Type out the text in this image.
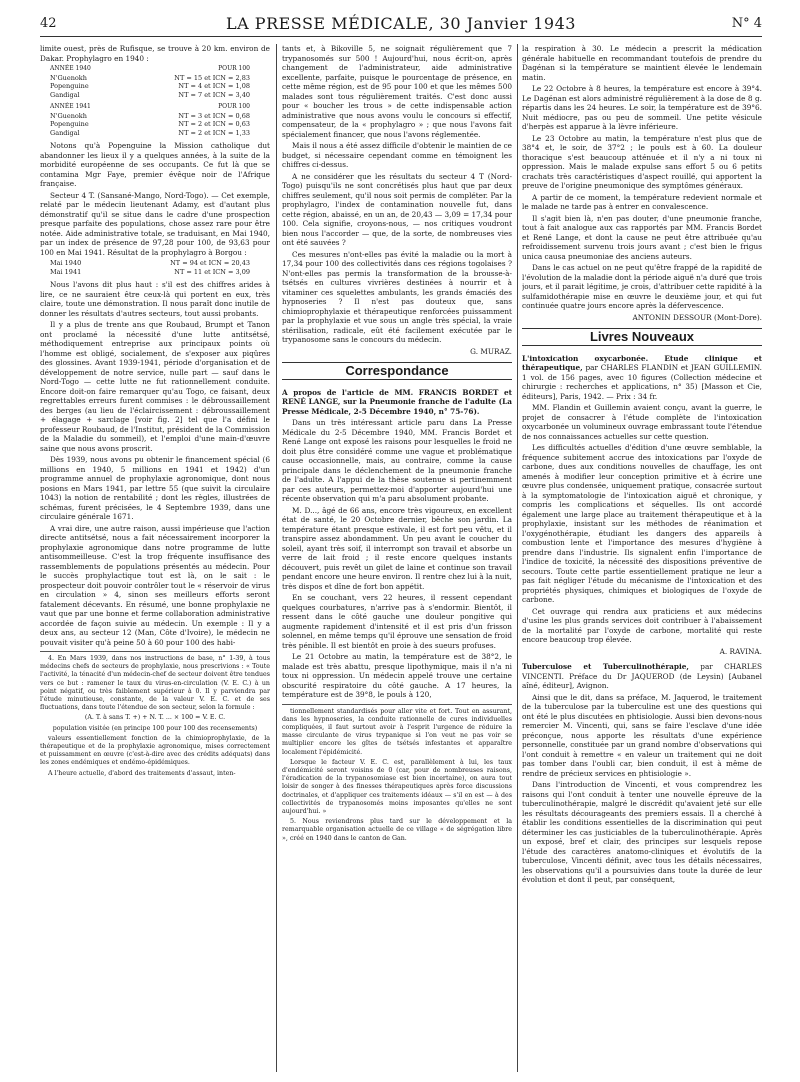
42	LA PRESSE MÉDICALE, 30 Janvier 1943	N° 4

limite ouest, près de Rufisque, se trouve à 20 km. environ de Dakar. Prophylagro en 1940 :

ANNÉE 1940	POUR 100
N'Guenokh	NT = 15 et ICN = 2,83
Popenguine	NT = 4 et ICN = 1,08
Gandigal	NT = 7 et ICN = 3,40
ANNÉE 1941	POUR 100
N'Guenokh	NT = 3 et ICN = 0,68
Popenguine	NT = 2 et ICN = 0,63
Gandigal	NT = 2 et ICN = 1,33

Notons qu'à Popenguine la Mission catholique dut abandonner les lieux il y a quelques années, à la suite de la morbidité européenne de ses occupants. Ce fut là que se contamina Mgr Faye, premier évêque noir de l'Afrique française.

Secteur 4 T. (Sansané-Mango, Nord-Togo). — Cet exemple, relaté par le médecin lieutenant Adamy, est d'autant plus démonstratif qu'il se situe dans le cadre d'une prospection presque parfaite des populations, chose assez rare pour être notée. Aide administrative totale, se traduisant, en Mai 1940, par un index de présence de 97,28 pour 100, de 93,63 pour 100 en Mai 1941. Résultat de la prophylagro à Borgou :

Mai 1940	NT = 94 et ICN = 20,43
Mai 1941	NT = 11 et ICN = 3,09

Nous l'avons dit plus haut : s'il est des chiffres arides à lire, ce ne sauraient être ceux-là qui portent en eux, très claire, toute une démonstration. Il nous paraît donc inutile de donner les résultats d'autres secteurs, tout aussi probants.

Il y a plus de trente ans que Roubaud, Brumpt et Tanon ont proclamé la nécessité d'une lutte antitsétsé, méthodiquement entreprise aux principaux points où l'homme est obligé, socialement, de s'exposer aux piqûres des glossines. Avant 1939-1941, période d'organisation et de développement de notre service, nulle part — sauf dans le Nord-Togo — cette lutte ne fut rationnellement conduite. Encore doit-on faire remarquer qu'au Togo, ce faisant, deux regrettables erreurs furent commises : le débroussaillement des berges (au lieu de l'éclaircissement : débroussaillement + élagage + sarclage [voir fig. 2] tel que l'a défini le professeur Roubaud, de l'Institut, président de la Commission de la Maladie du sommeil), et l'emploi d'une main-d'œuvre saine que nous avons proscrit.

Dès 1939, nous avons pu obtenir le financement spécial (6 millions en 1940, 5 millions en 1941 et 1942) d'un programme annuel de prophylaxie agronomique, dont nous posions en Mars 1941, par lettre 55 (que suivit la circulaire 1043) la notion de rentabilité ; dont les règles, illustrées de schémas, furent précisées, le 4 Septembre 1939, dans une circulaire générale 1671.

A vrai dire, une autre raison, aussi impérieuse que l'action directe antitsétsé, nous a fait nécessairement incorporer la prophylaxie agronomique dans notre programme de lutte antisommeilleuse. C'est la trop fréquente insuffisance des rassemblements de populations présentés au médecin. Pour le succès prophylactique tout est là, on le sait : le prospecteur doit pouvoir contrôler tout le « réservoir de virus en circulation » 4, sinon ses meilleurs efforts seront fatalement décevants. En résumé, une bonne prophylaxie ne vaut que par une bonne et ferme collaboration administrative accordée de façon suivie au médecin. Un exemple : Il y a deux ans, au secteur 12 (Man, Côte d'Ivoire), le médecin ne pouvait visiter qu'à peine 50 à 60 pour 100 des habi-

4. En Mars 1939, dans nos instructions de base, n° 1-39, à tous médecins chefs de secteurs de prophylaxie, nous prescrivions : « Toute l'activité, la ténacité d'un médecin-chef de secteur doivent être tendues vers ce but : ramener le taux du virus-en-circulation (V. E. C.) à un point négatif, ou très faiblement supérieur à 0. Il y parviendra par l'étude minutieuse, constante, de la valeur V. E. C. et de ses fluctuations, dans toute l'étendue de son secteur, selon la formule :

(A. T. à sans T. +) + N. T. ... × 100 = V. E. C.
population visitée (en principe 100 pour 100 des recensements)

valeurs essentiellement fonction de la chimioprophylaxie, de la thérapeutique et de la prophylaxie agronomique, mises correctement et puissamment en œuvre (c'est-à-dire avec des crédits adéquats) dans les zones endémiques et endémo-épidémiques.

A l'heure actuelle, d'abord des traitements d'assaut, inten-

tants et, à Bikoville 5, ne soignait régulièrement que 7 trypanosomés sur 500 ! Aujourd'hui, nous écrit-on, après changement de l'administrateur, aide administrative excellente, parfaite, puisque le pourcentage de présence, en cette même région, est de 95 pour 100 et que les mêmes 500 malades sont tous régulièrement traités. C'est donc aussi pour « boucher les trous » de cette indispensable action administrative que nous avons voulu le concours si effectif, compensateur, de la « prophylagro » ; que nous l'avons fait spécialement financer, que nous l'avons réglementée.

Mais il nous a été assez difficile d'obtenir le maintien de ce budget, si nécessaire cependant comme en témoignent les chiffres ci-dessus.

A ne considérer que les résultats du secteur 4 T (Nord-Togo) puisqu'ils ne sont concrétisés plus haut que par deux chiffres seulement, qu'il nous soit permis de compléter. Par la prophylagro, l'index de contamination nouvelle fut, dans cette région, abaissé, en un an, de 20,43 — 3,09 = 17,34 pour 100. Cela signifie, croyons-nous, — nos critiques voudront bien nous l'accorder — que, de la sorte, de nombreuses vies ont été sauvées ?

Ces mesures n'ont-elles pas évité la maladie ou la mort à 17,34 pour 100 des collectivités dans ces régions togolaises ? N'ont-elles pas permis la transformation de la brousse-à-tsétsés en cultures vivrières destinées à nourrir et à vitaminer ces squelettes ambulants, les grands émaciés des hypnoseries ? Il n'est pas douteux que, sans chimioprophylaxie et thérapeutique renforcées puissamment par la prophylaxie et vue sous un angle très spécial, la vraie stérilisation, radicale, eût été facilement exécutée par le trypanosome sans le concours du médecin.

G. MURAZ.
Correspondance

A propos de l'article de MM. FRANCIS BORDET et RENÉ LANGE, sur la Pneumonie franche de l'adulte (La Presse Médicale, 2-5 Décembre 1940, n° 75-76).

Dans un très intéressant article paru dans La Presse Médicale du 2-5 Décembre 1940, MM. Francis Bordet et René Lange ont exposé les raisons pour lesquelles le froid ne doit plus être considéré comme une vague et problématique cause occasionnelle, mais, au contraire, comme la cause principale dans le déclenchement de la pneumonie franche de l'adulte. A l'appui de la thèse soutenue si pertinemment par ces auteurs, permettez-moi d'apporter aujourd'hui une récente observation qui m'a paru absolument probante.

M. D..., âgé de 66 ans, encore très vigoureux, en excellent état de santé, le 20 Octobre dernier, bêche son jardin. La température étant presque estivale, il est fort peu vêtu, et il transpire assez abondamment. Un peu avant le coucher du soleil, ayant très soif, il interrompt son travail et absorbe un verre de lait froid ; il reste encore quelques instants découvert, puis revêt un gilet de laine et continue son travail pendant encore une heure environ. Il rentre chez lui à la nuit, très dispos et dîne de fort bon appétit.

En se couchant, vers 22 heures, il ressent cependant quelques courbatures, n'arrive pas à s'endormir. Bientôt, il ressent dans le côté gauche une douleur pongitive qui augmente rapidement d'intensité et il est pris d'un frisson solennel, en même temps qu'il éprouve une sensation de froid très pénible. Il est bientôt en proie à des sueurs profuses.

Le 21 Octobre au matin, la température est de 38°2, le malade est très abattu, presque lipothymique, mais il n'a ni toux ni oppression. Un médecin appelé trouve une certaine obscurité respiratoire du côté gauche. A 17 heures, la température est de 39°8, le pouls à 120,

tionnellement standardisés pour aller vite et fort. Tout en assurant, dans les hypnoseries, la conduite rationnelle de cures individuelles compliquées, il faut surtout avoir à l'esprit l'urgence de réduire la masse circulante de virus trypanique si l'on veut ne pas voir se multiplier encore les gîtes de tsétsés infestantes et apparaître localement l'épidémicité.

Lorsque le facteur V. E. C. est, parallèlement à lui, les taux d'endémicité seront voisins de 0 (car, pour de nombreuses raisons, l'éradication de la trypanosomiase est bien incertaine), on aura tout loisir de songer à des finesses thérapeutiques après force discussions doctrinales, et d'appliquer ces traitements idéaux — s'il en est — à des collectivités de trypanosomés moins imposantes qu'elles ne sont aujourd'hui. »

5. Nous reviendrons plus tard sur le développement et la remarquable organisation actuelle de ce village « de ségrégation libre », créé en 1940 dans le canton de Gan.

la respiration à 30. Le médecin a prescrit la médication générale habituelle en recommandant toutefois de prendre du Dagénan si la température se maintient élevée le lendemain matin.

Le 22 Octobre à 8 heures, la température est encore à 39°4. Le Dagénan est alors administré régulièrement à la dose de 8 g. répartis dans les 24 heures. Le soir, la température est de 39°6. Nuit médiocre, pas ou peu de sommeil. Une petite vésicule d'herpès est apparue à la lèvre inférieure.

Le 23 Octobre au matin, la température n'est plus que de 38°4 et, le soir, de 37°2 ; le pouls est à 60. La douleur thoracique s'est beaucoup atténuée et il n'y a ni toux ni oppression. Mais le malade expulse sans effort 5 ou 6 petits crachats très caractéristiques d'aspect rouillé, qui apportent la preuve de l'origine pneumonique des symptômes généraux.

A partir de ce moment, la température redevient normale et le malade ne tarde pas à entrer en convalescence.

Il s'agit bien là, n'en pas douter, d'une pneumonie franche, tout à fait analogue aux cas rapportés par MM. Francis Bordet et René Lange, et dont la cause ne peut être attribuée qu'au refroidissement survenu trois jours avant ; c'est bien le frigus unica causa pneumoniae des anciens auteurs.

Dans le cas actuel on ne peut qu'être frappé de la rapidité de l'évolution de la maladie dont la période aiguë n'a duré que trois jours, et il parait légitime, je crois, d'attribuer cette rapidité à la sulfamidothérapie mise en œuvre le deuxième jour, et qui fut continuée quatre jours encore après la défervescence.

ANTONIN DESSOUR (Mont-Dore).
Livres Nouveaux

L'intoxication oxycarbonée. Etude clinique et thérapeutique, par CHARLES FLANDIN et JEAN GUILLEMIN. 1 vol. de 156 pages, avec 10 figures (Collection médecine et chirurgie : recherches et applications, n° 35) [Masson et Cie, éditeurs], Paris, 1942. — Prix : 34 fr.

MM. Flandin et Guillemin avaient conçu, avant la guerre, le projet de consacrer à l'étude complète de l'intoxication oxycarbonée un volumineux ouvrage embrassant toute l'étendue de nos connaissances actuelles sur cette question.

Les difficultés actuelles d'édition d'une œuvre semblable, la fréquence subitement accrue des intoxications par l'oxyde de carbone, dues aux conditions nouvelles de chauffage, les ont amenés à modifier leur conception primitive et à écrire une œuvre plus condensée, uniquement pratique, consacrée surtout à la symptomatologie de l'intoxication aiguë et chronique, y compris les complications et séquelles. Ils ont accordé également une large place au traitement thérapeutique et à la prophylaxie, insistant sur les méthodes de réanimation et l'oxygénothérapie, étudiant les dangers des appareils à combustion lente et l'importance des mesures d'hygiène à prendre dans l'industrie. Ils signalent enfin l'importance de l'indice de toxicité, la nécessité des dispositions préventive de secours. Toute cette partie essentiellement pratique ne leur a pas fait négliger l'étude du mécanisme de l'intoxication et des propriétés physiques, chimiques et biologiques de l'oxyde de carbone.

Cet ouvrage qui rendra aux praticiens et aux médecins d'usine les plus grands services doit contribuer à l'abaissement de la mortalité par l'oxyde de carbone, mortalité qui reste encore beaucoup trop élevée.

A. RAVINA.

Tuberculose et Tuberculinothérapie, par CHARLES VINCENTI. Préface du Dr JAQUEROD (de Leysin) [Aubanel aîné, éditeur], Avignon.

Ainsi que le dit, dans sa préface, M. Jaquerod, le traitement de la tuberculose par la tuberculine est une des questions qui ont été le plus discutées en phtisiologie. Aussi bien devons-nous remercier M. Vincenti, qui, sans se faire l'esclave d'une idée préconçue, nous apporte les résultats d'une expérience personnelle, constituée par un grand nombre d'observations qui l'ont conduit à remettre « en valeur un traitement qui ne doit pas tomber dans l'oubli car, bien conduit, il est à même de rendre de précieux services en phtisiologie ».

Dans l'introduction de Vincenti, et vous comprendrez les raisons qui l'ont conduit à tenter une nouvelle épreuve de la tuberculinothérapie, malgré le discrédit qu'avaient jeté sur elle les résultats décourageants des premiers essais. Il a cherché à établir les conditions essentielles de la discrimination qui peut déterminer les cas justiciables de la tuberculinothérapie. Après un exposé, bref et clair, des principes sur lesquels repose l'étude des caractères anatomo-cliniques et évolutifs de la tuberculose, Vincenti définit, avec tous les détails nécessaires, les observations qu'il a poursuivies dans toute la durée de leur évolution et dont il peut, par conséquent,
